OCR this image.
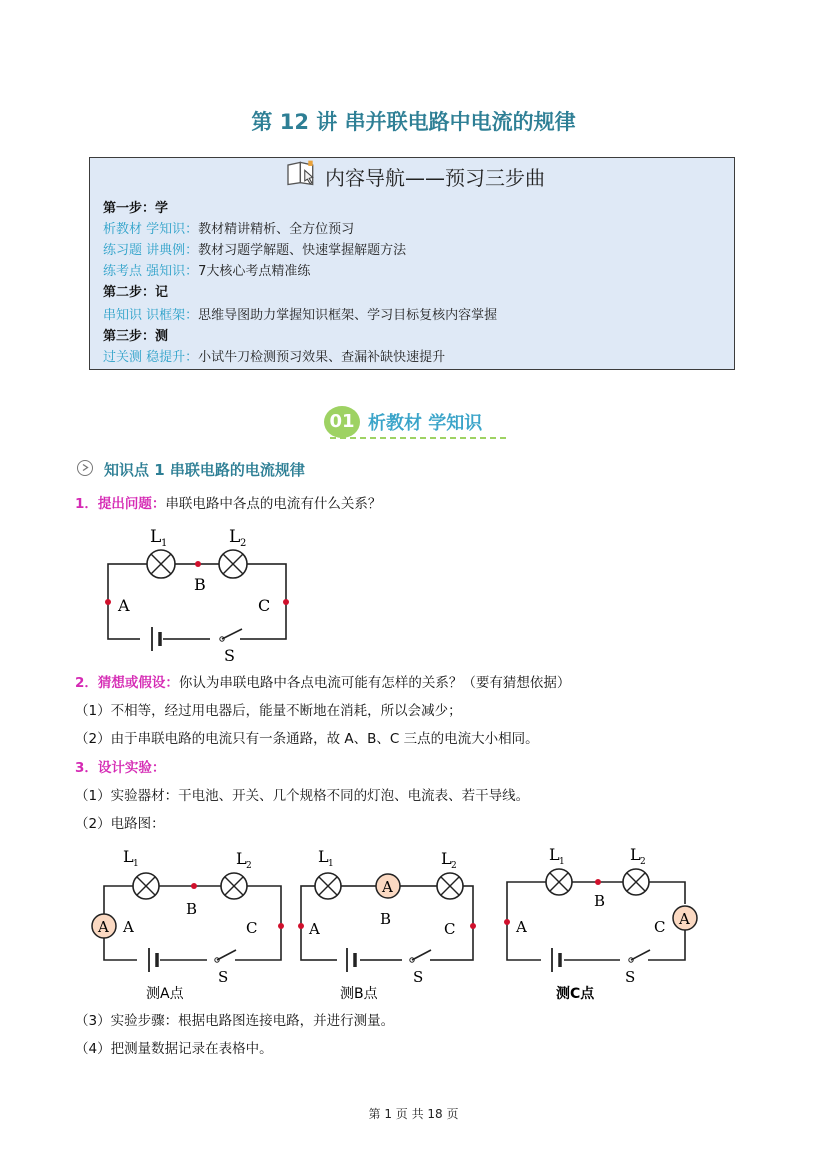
第 12 讲 串并联电路中电流的规律
第一步：学
析教材 学知识：教材精讲精析、全方位预习
练习题 讲典例：教材习题学解题、快速掌握解题方法
练考点 强知识：7大核心考点精准练
第二步：记
串知识 识框架：思维导图助力掌握知识框架、学习目标复核内容掌握
第三步：测
过关测 稳提升：小试牛刀检测预习效果、查漏补缺快速提升
内容导航——预习三步曲
01 析教材 学知识
知识点 1 串联电路的电流规律
1．提出问题：串联电路中各点的电流有什么关系？
L 1	L 2
B
A	C
S
2．猜想或假设：你认为串联电路中各点电流可能有怎样的关系？（要有猜想依据）
（1）不相等，经过用电器后，能量不断地在消耗，所以会减少；
（2）由于串联电路的电流只有一条通路，故 A、B、C 三点的电流大小相同。
3．设计实验：
（1）实验器材：干电池、开关、几个规格不同的灯泡、电流表、若干导线。
（2）电路图：
A
L 1	L 2
B
A	C
S
测A点
A
L 1	L 2
B
A	C
S
测B点
A
L 1	L 2
B
A	C
S
测C点
（3）实验步骤：根据电路图连接电路，并进行测量。
（4）把测量数据记录在表格中。
第 1 页 共 18 页
